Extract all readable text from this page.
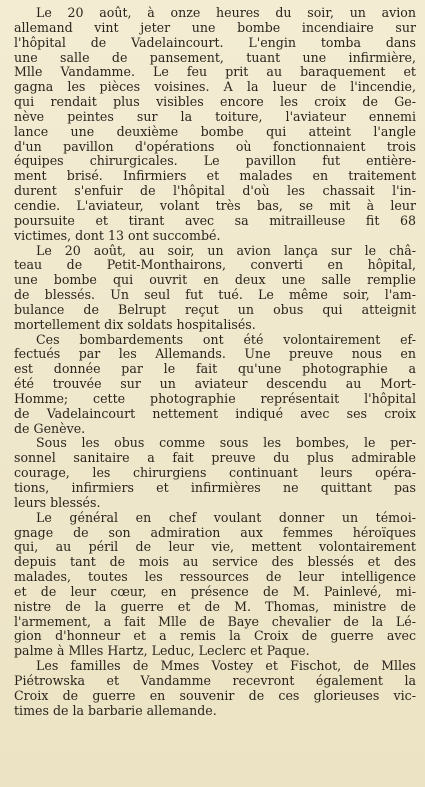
Le 20 août, à onze heures du soir, un avion
allemand vint jeter une bombe incendiaire sur
l'hôpital de Vadelaincourt. L'engin tomba dans
une salle de pansement, tuant une infirmière,
Mlle Vandamme. Le feu prit au baraquement et
gagna les pièces voisines. A la lueur de l'incendie,
qui rendait plus visibles encore les croix de Ge-
nève peintes sur la toiture, l'aviateur ennemi
lance une deuxième bombe qui atteint l'angle
d'un pavillon d'opérations où fonctionnaient trois
équipes chirurgicales. Le pavillon fut entière-
ment brisé. Infirmiers et malades en traitement
durent s'enfuir de l'hôpital d'où les chassait l'in-
cendie. L'aviateur, volant très bas, se mit à leur
poursuite et tirant avec sa mitrailleuse fit 68
victimes, dont 13 ont succombé.

Le 20 août, au soir, un avion lança sur le châ-
teau de Petit-Monthairons, converti en hôpital,
une bombe qui ouvrit en deux une salle remplie
de blessés. Un seul fut tué. Le même soir, l'am-
bulance de Belrupt reçut un obus qui atteignit
mortellement dix soldats hospitalisés.

Ces bombardements ont été volontairement ef-
fectués par les Allemands. Une preuve nous en
est donnée par le fait qu'une photographie a
été trouvée sur un aviateur descendu au Mort-
Homme; cette photographie représentait l'hôpital
de Vadelaincourt nettement indiqué avec ses croix
de Genève.

Sous les obus comme sous les bombes, le per-
sonnel sanitaire a fait preuve du plus admirable
courage, les chirurgiens continuant leurs opéra-
tions, infirmiers et infirmières ne quittant pas
leurs blessés.

Le général en chef voulant donner un témoi-
gnage de son admiration aux femmes héroïques
qui, au péril de leur vie, mettent volontairement
depuis tant de mois au service des blessés et des
malades, toutes les ressources de leur intelligence
et de leur cœur, en présence de M. Painlevé, mi-
nistre de la guerre et de M. Thomas, ministre de
l'armement, a fait Mlle de Baye chevalier de la Lé-
gion d'honneur et a remis la Croix de guerre avec
palme à Mlles Hartz, Leduc, Leclerc et Paque.

Les familles de Mmes Vostey et Fischot, de Mlles
Piétrowska et Vandamme recevront également la
Croix de guerre en souvenir de ces glorieuses vic-
times de la barbarie allemande.
